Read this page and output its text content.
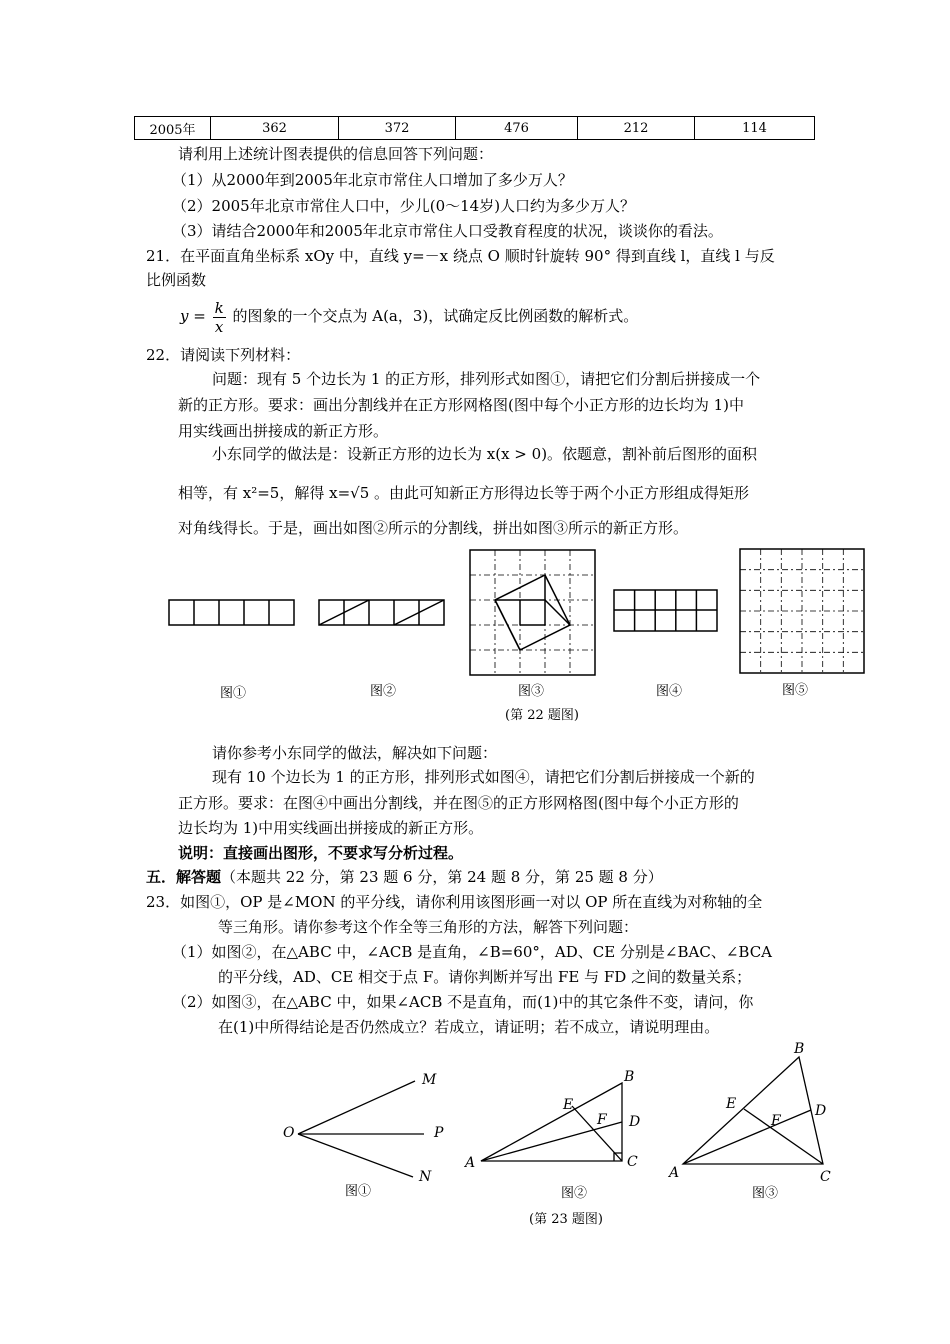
2005年	362	372	476	212	114
请利用上述统计图表提供的信息回答下列问题：
（1）从2000年到2005年北京市常住人口增加了多少万人？
（2）2005年北京市常住人口中，少儿(0～14岁)人口约为多少万人？
（3）请结合2000年和2005年北京市常住人口受教育程度的状况，谈谈你的看法。
21．在平面直角坐标系 xOy 中，直线 y=－x 绕点 O 顺时针旋转 90° 得到直线 l，直线 l 与反
比例函数
$y = \frac{k}{x}$ 的图象的一个交点为 A(a，3)，试确定反比例函数的解析式。
22．请阅读下列材料：
问题：现有 5 个边长为 1 的正方形，排列形式如图①，请把它们分割后拼接成一个
新的正方形。要求：画出分割线并在正方形网格图(图中每个小正方形的边长均为 1)中
用实线画出拼接成的新正方形。
小东同学的做法是：设新正方形的边长为 x(x > 0)。依题意，割补前后图形的面积
相等，有 x²=5，解得 x=√5 。由此可知新正方形得边长等于两个小正方形组成得矩形
对角线得长。于是，画出如图②所示的分割线，拼出如图③所示的新正方形。
图①	图②	图③	图④	图⑤
(第 22 题图)
请你参考小东同学的做法，解决如下问题：
现有 10 个边长为 1 的正方形，排列形式如图④，请把它们分割后拼接成一个新的
正方形。要求：在图④中画出分割线，并在图⑤的正方形网格图(图中每个小正方形的
边长均为 1)中用实线画出拼接成的新正方形。
说明：直接画出图形，不要求写分析过程。
五．解答题（本题共 22 分，第 23 题 6 分，第 24 题 8 分，第 25 题 8 分）
23．如图①，OP 是∠MON 的平分线，请你利用该图形画一对以 OP 所在直线为对称轴的全
等三角形。请你参考这个作全等三角形的方法，解答下列问题：
（1）如图②，在△ABC 中，∠ACB 是直角，∠B=60°，AD、CE 分别是∠BAC、∠BCA
的平分线，AD、CE 相交于点 F。请你判断并写出 FE 与 FD 之间的数量关系；
（2）如图③，在△ABC 中，如果∠ACB 不是直角，而(1)中的其它条件不变，请问，你
在(1)中所得结论是否仍然成立？若成立，请证明；若不成立，请说明理由。
O
M
P
N
A
B
C
D
E
F
A
B
C
D
E
F
图①	图②	图③
(第 23 题图)
